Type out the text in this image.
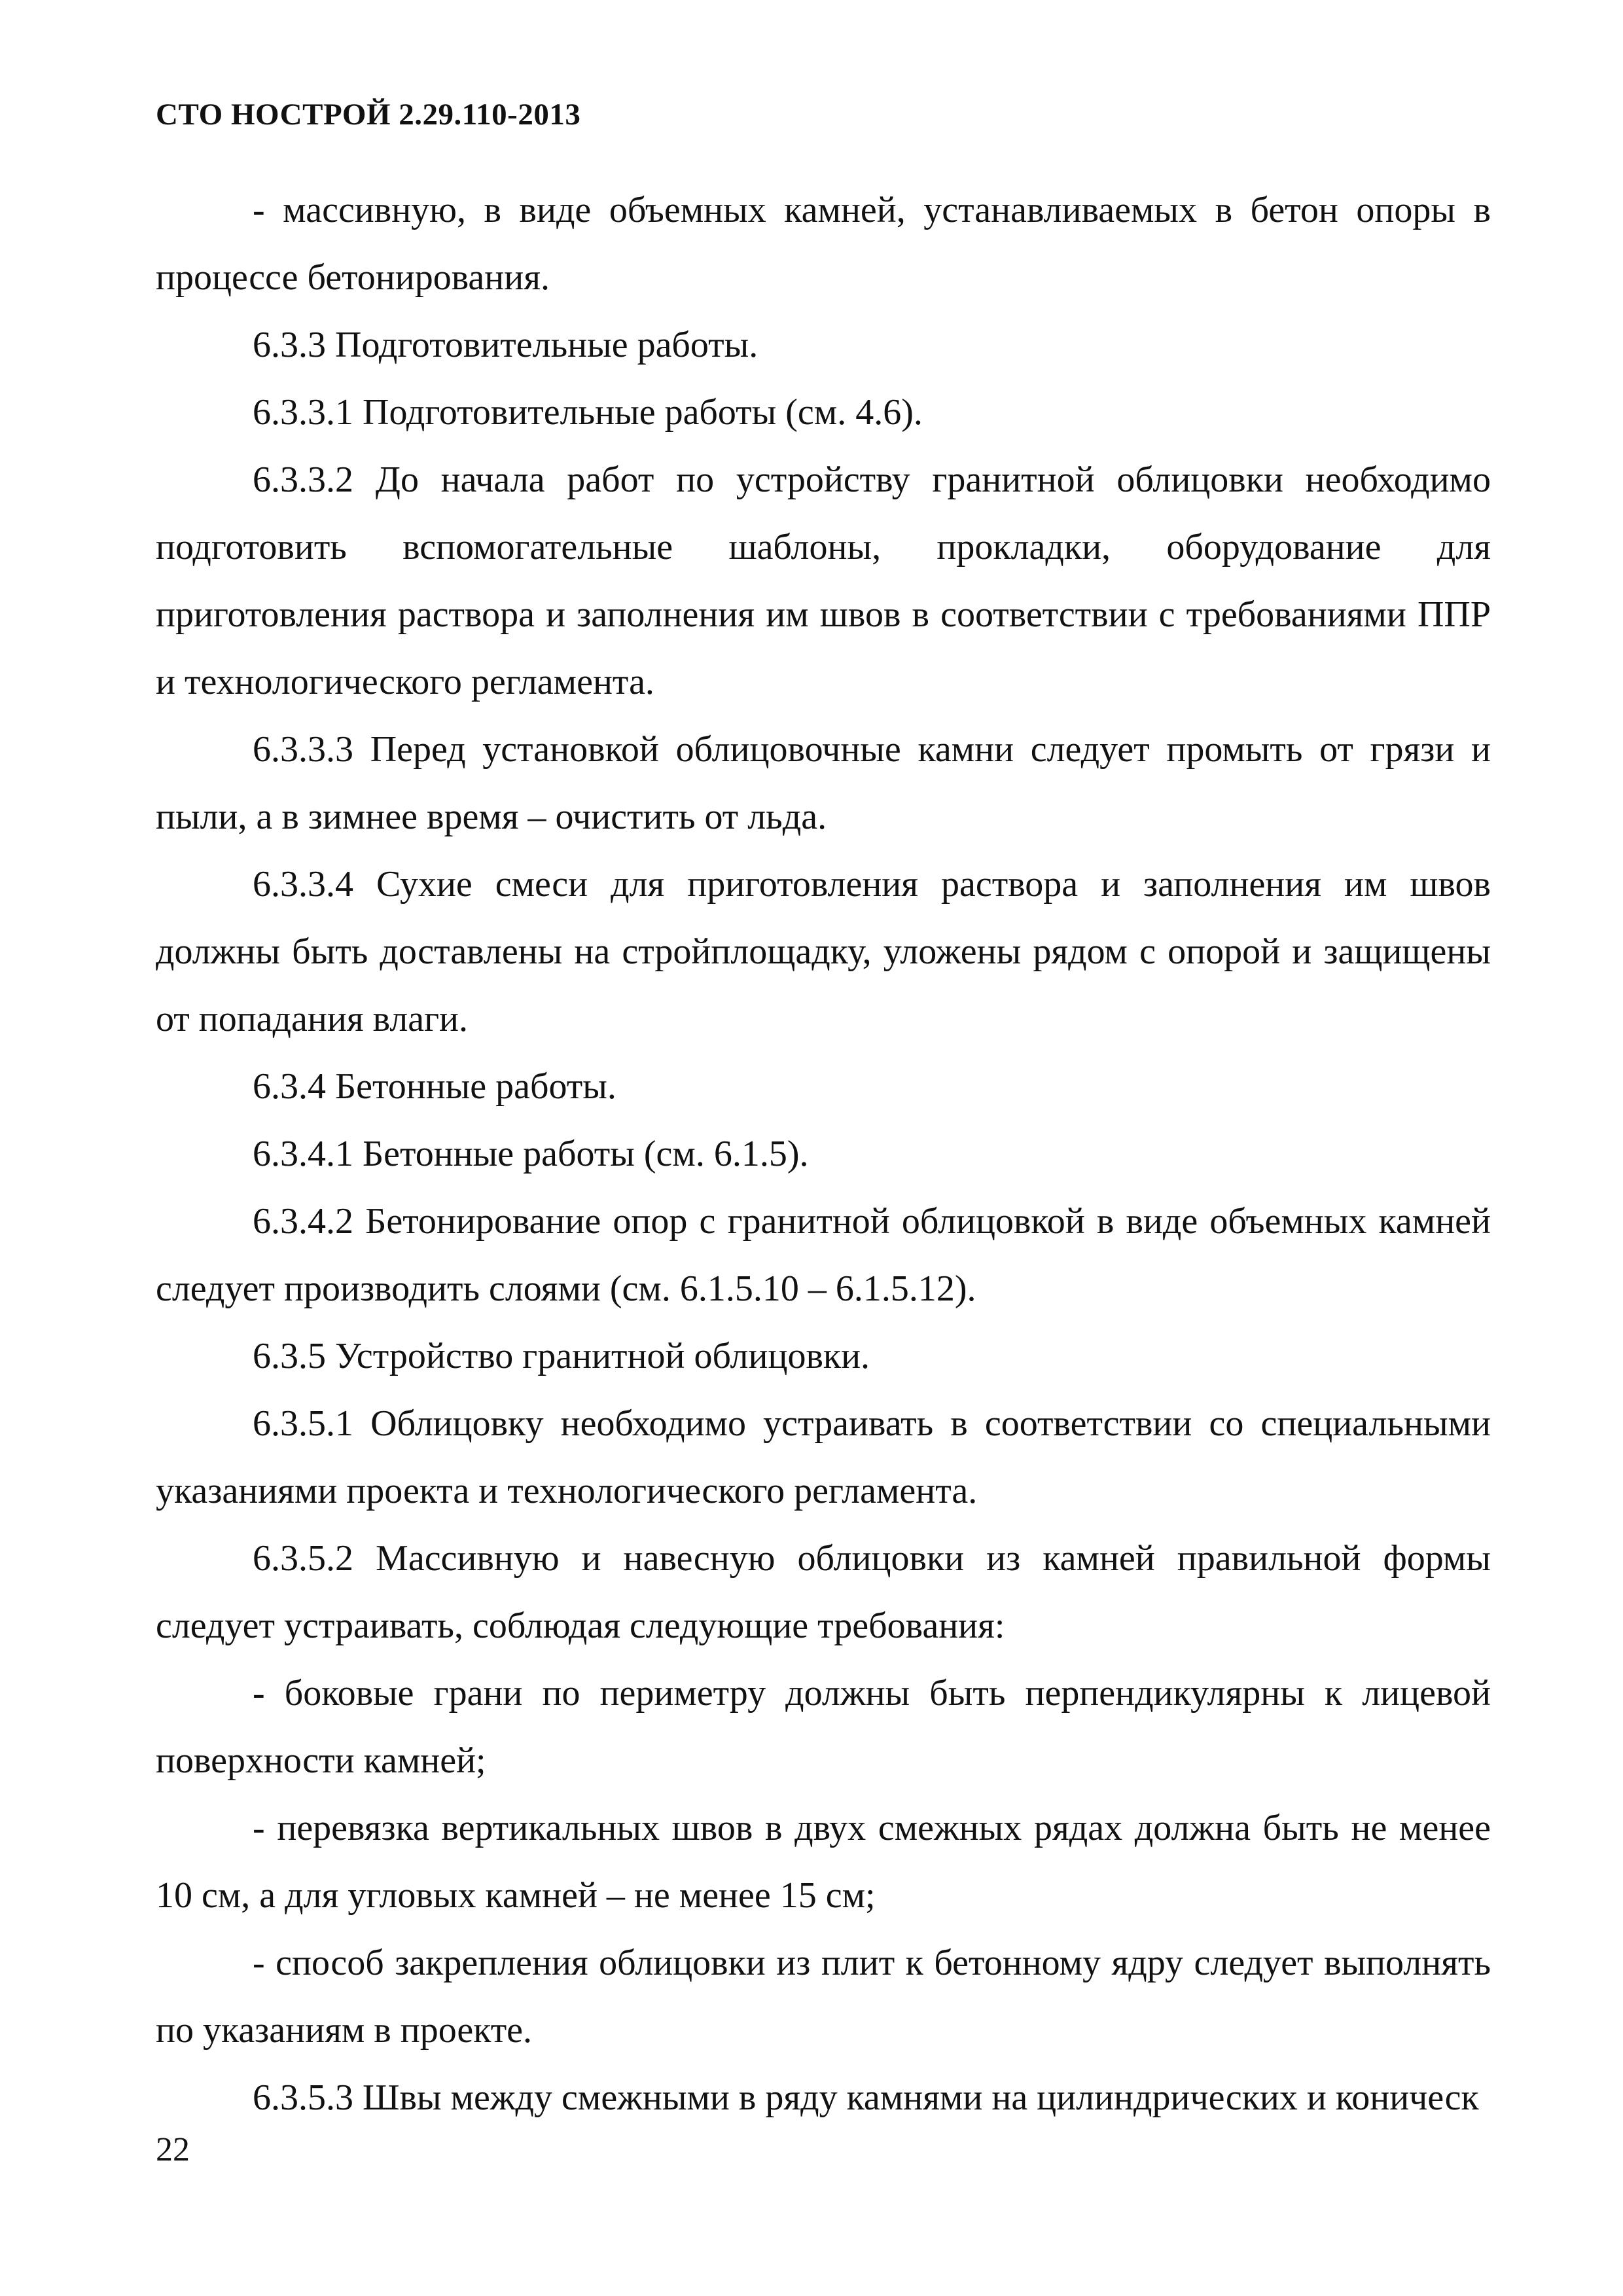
СТО НОСТРОЙ 2.29.110-2013

- массивную, в виде объемных камней, устанавливаемых в бетон опоры в процессе бетонирования.

6.3.3 Подготовительные работы.

6.3.3.1 Подготовительные работы (см. 4.6).

6.3.3.2 До начала работ по устройству гранитной облицовки необходимо подготовить вспомогательные шаблоны, прокладки, оборудование для приготовления раствора и заполнения им швов в соответствии с требованиями ППР и технологического регламента.

6.3.3.3 Перед установкой облицовочные камни следует промыть от грязи и пыли, а в зимнее время – очистить от льда.

6.3.3.4 Сухие смеси для приготовления раствора и заполнения им швов должны быть доставлены на стройплощадку, уложены рядом с опорой и защищены от попадания влаги.

6.3.4 Бетонные работы.

6.3.4.1 Бетонные работы (см. 6.1.5).

6.3.4.2 Бетонирование опор с гранитной облицовкой в виде объемных камней следует производить слоями (см. 6.1.5.10 – 6.1.5.12).

6.3.5 Устройство гранитной облицовки.

6.3.5.1 Облицовку необходимо устраивать в соответствии со специальными указаниями проекта и технологического регламента.

6.3.5.2 Массивную и навесную облицовки из камней правильной формы следует устраивать, соблюдая следующие требования:

- боковые грани по периметру должны быть перпендикулярны к лицевой поверхности камней;

- перевязка вертикальных швов в двух смежных рядах должна быть не менее 10 см, а для угловых камней – не менее 15 см;

- способ закрепления облицовки из плит к бетонному ядру следует выполнять по указаниям в проекте.

6.3.5.3 Швы между смежными в ряду камнями на цилиндрических и коническ

22
